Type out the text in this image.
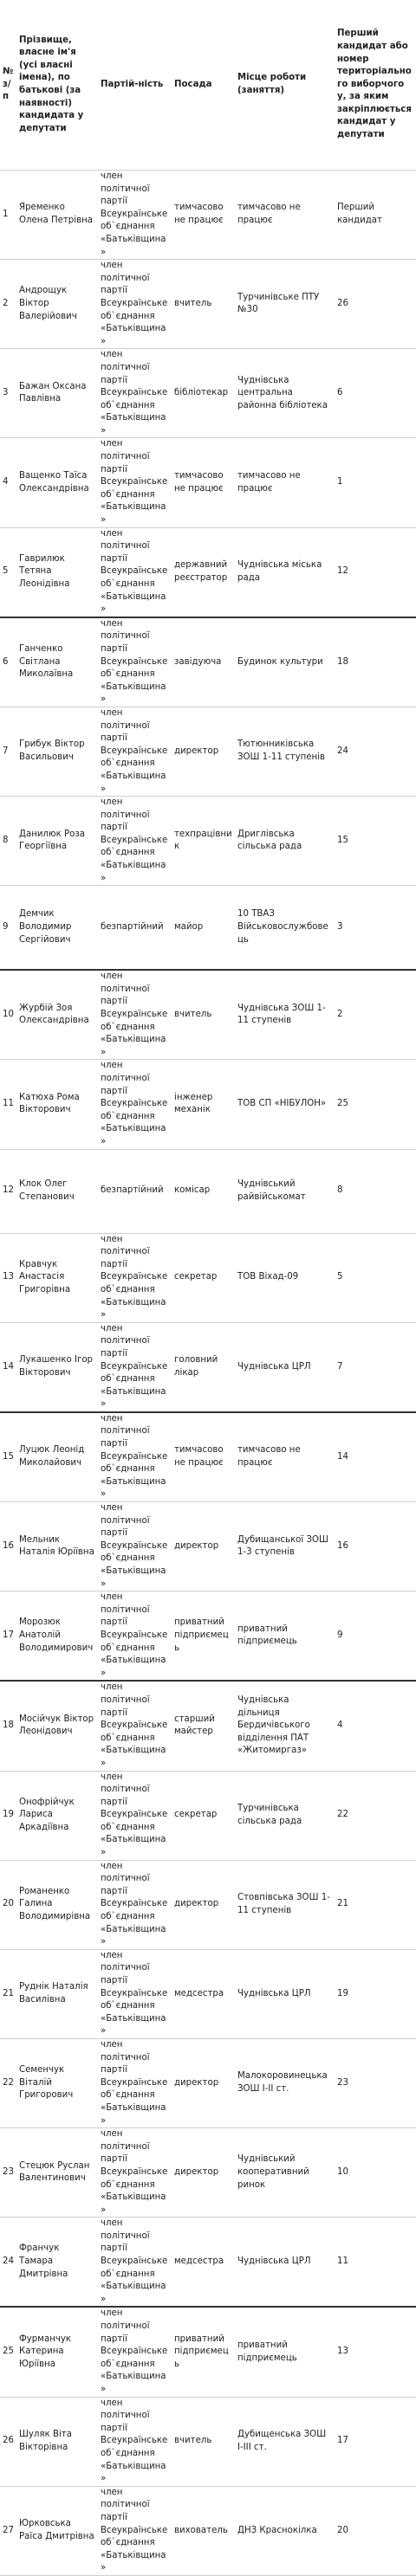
№ з/п	Прізвище, власне ім'я (усі власні імена), по батькові (за наявності) кандидата у депутати	Партій-ність	Посада	Місце роботи (заняття)	Перший кандидат або номер територіального виборчого у, за яким закріплюється кандидат у депутати
1	Яременко Олена Петрівна	член політичної партії Всеукраїнське об`єднання «Батьківщина»	тимчасово не працює	тимчасово не працює	Перший кандидат
2	Андрощук Віктор Валерійович	член політичної партії Всеукраїнське об`єднання «Батьківщина»	вчитель	Турчинівське ПТУ №30	26
3	Бажан Оксана Павлівна	член політичної партії Всеукраїнське об`єднання «Батьківщина»	бібліотекар	Чуднівська центральна районна бібліотека	6
4	Ващенко Таїса Олександрівна	член політичної партії Всеукраїнське об`єднання «Батьківщина»	тимчасово не працює	тимчасово не працює	1
5	Гаврилюк Тетяна Леонідівна	член політичної партії Всеукраїнське об`єднання «Батьківщина»	державний реєстратор	Чуднівська міська рада	12
6	Ганченко Світлана Миколаївна	член політичної партії Всеукраїнське об`єднання «Батьківщина»	завідуюча	Будинок культури	18
7	Грибук Віктор Васильович	член політичної партії Всеукраїнське об`єднання «Батьківщина»	директор	Тютюнниківська ЗОШ 1-11 ступенів	24
8	Данилюк Роза Георгіївна	член політичної партії Всеукраїнське об`єднання «Батьківщина»	техпрацівник	Дриглівська сільська рада	15
9	Демчик Володимир Сергійович	безпартійний	майор	10 ТВАЗ Військовослужбовець	3
10	Журбій Зоя Олександрівна	член політичної партії Всеукраїнське об`єднання «Батьківщина»	вчитель	Чуднівська ЗОШ 1-11 ступенів	2
11	Катюха Рома Вікторович	член політичної партії Всеукраїнське об`єднання «Батьківщина»	інженер механік	ТОВ СП «НІБУЛОН»	25
12	Клок Олег Степанович	безпартійний	комісар	Чуднівський райвійськомат	8
13	Кравчук Анастасія Григорівна	член політичної партії Всеукраїнське об`єднання «Батьківщина»	секретар	ТОВ Віхад-09	5
14	Лукашенко Ігор Вікторович	член політичної партії Всеукраїнське об`єднання «Батьківщина»	головний лікар	Чуднівська ЦРЛ	7
15	Луцюк Леонід Миколайович	член політичної партії Всеукраїнське об`єднання «Батьківщина»	тимчасово не працює	тимчасово не працює	14
16	Мельник Наталія Юріївна	член політичної партії Всеукраїнське об`єднання «Батьківщина»	директор	Дубищанської ЗОШ 1-3 ступенів	16
17	Морозюк Анатолій Володимирович	член політичної партії Всеукраїнське об`єднання «Батьківщина»	приватний підприємець	приватний підприємець	9
18	Мосійчук Віктор Леонідович	член політичної партії Всеукраїнське об`єднання «Батьківщина»	старший майстер	Чуднівська дільниця Бердичівського відділення ПАТ «Житомиргаз»	4
19	Онофрійчук Лариса Аркадіївна	член політичної партії Всеукраїнське об`єднання «Батьківщина»	секретар	Турчинівська сільська рада	22
20	Романенко Галина Володимирівна	член політичної партії Всеукраїнське об`єднання «Батьківщина»	директор	Стовпівська ЗОШ 1-11 ступенів	21
21	Руднік Наталія Василівна	член політичної партії Всеукраїнське об`єднання «Батьківщина»	медсестра	Чуднівська ЦРЛ	19
22	Семенчук Віталій Григорович	член політичної партії Всеукраїнське об`єднання «Батьківщина»	директор	Малокоровинецька ЗОШ І-ІІ ст.	23
23	Стецюк Руслан Валентинович	член політичної партії Всеукраїнське об`єднання «Батьківщина»	директор	Чуднівський кооперативний ринок	10
24	Франчук Тамара Дмитрівна	член політичної партії Всеукраїнське об`єднання «Батьківщина»	медсестра	Чуднівська ЦРЛ	11
25	Фурманчук Катерина Юріївна	член політичної партії Всеукраїнське об`єднання «Батьківщина»	приватний підприємець	приватний підприємець	13
26	Шуляк Віта Вікторівна	член політичної партії Всеукраїнське об`єднання «Батьківщина»	вчитель	Дубищенська ЗОШ I-III ст.	17
27	Юрковська Раїса Дмитрівна	член політичної партії Всеукраїнське об`єднання «Батьківщина»	вихователь	ДНЗ Краснокілка	20
